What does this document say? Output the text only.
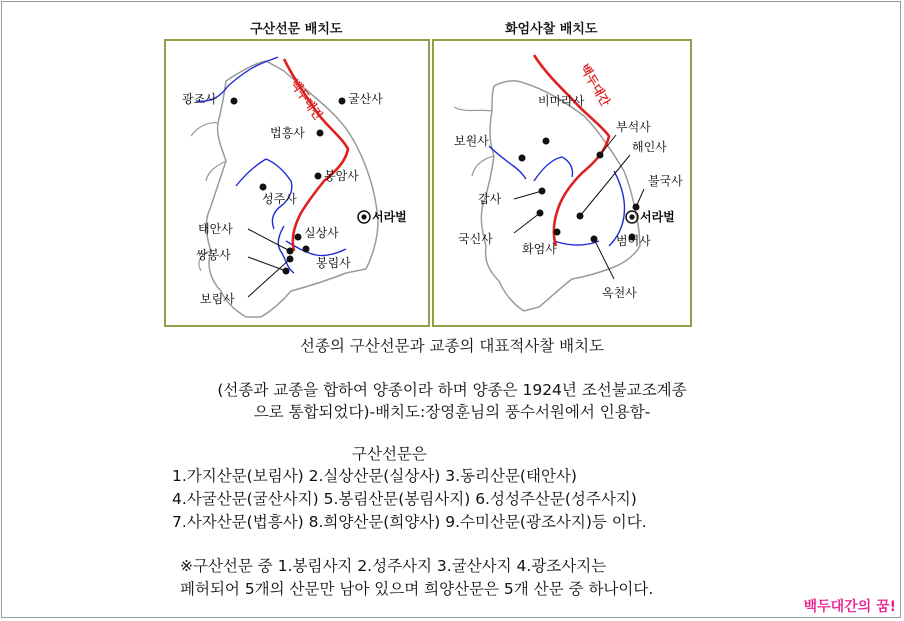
구산선문 배치도
백두대간
광조사	굴산사
법흥사
봉암사
성주사
실상사
태안사
쌍봉사
봉림사
보림사
서라벌
화엄사찰 배치도
백두대간
보원사
비마라사
부석사
해인사
갑사
불국사
국신사
화엄사
범어사
옥천사
서라벌
선종의 구산선문과 교종의 대표적사찰 배치도
(선종과 교종을 합하여 양종이라 하며 양종은 1924년 조선불교조계종
으로 통합되었다)-배치도:장영훈님의 풍수서원에서 인용함-
구산선문은
1.가지산문(보림사) 2.실상산문(실상사) 3.동리산문(태안사)
4.사굴산문(굴산사지) 5.봉림산문(봉림사지) 6.성성주산문(성주사지)
7.사자산문(법흥사) 8.희양산문(희양사) 9.수미산문(광조사지)등 이다.
※구산선문 중 1.봉림사지 2.성주사지 3.굴산사지 4.광조사지는
페허되어 5개의 산문만 남아 있으며 희양산문은 5개 산문 중 하나이다.
백두대간의 꿈!
